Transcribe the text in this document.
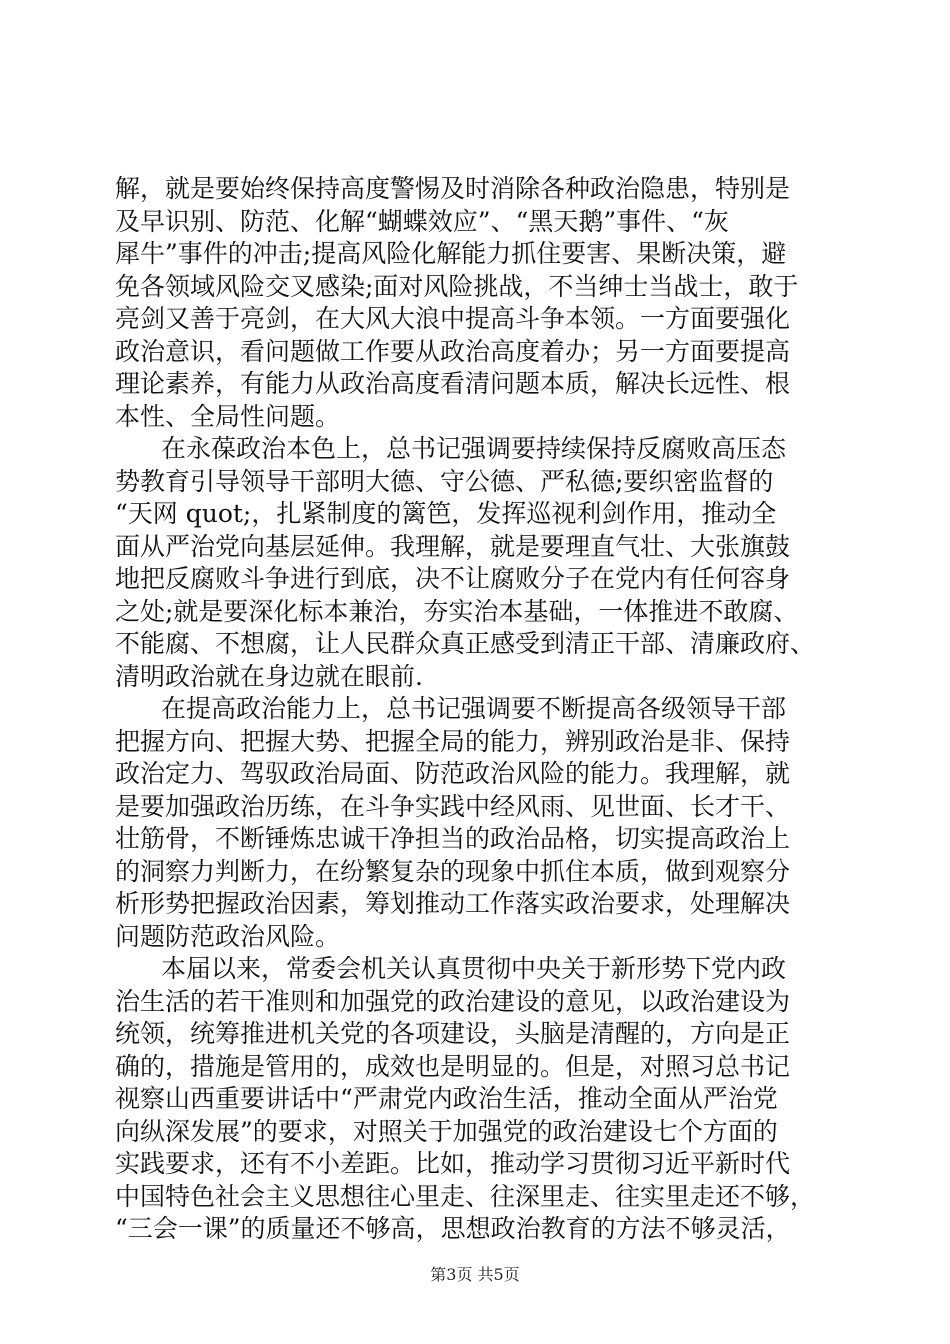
解，就是要始终保持高度警惕及时消除各种政治隐患，特别是
及早识别、防范、化解“蝴蝶效应”、“黑天鹅”事件、“灰
犀牛”事件的冲击;提高风险化解能力抓住要害、果断决策，避
免各领域风险交叉感染;面对风险挑战，不当绅士当战士，敢于
亮剑又善于亮剑，在大风大浪中提高斗争本领。一方面要强化
政治意识，看问题做工作要从政治高度着办；另一方面要提高
理论素养，有能力从政治高度看清问题本质，解决长远性、根
本性、全局性问题。
在永葆政治本色上，总书记强调要持续保持反腐败高压态
势教育引导领导干部明大德、守公德、严私德;要织密监督的
“天网 quot;，扎紧制度的篱笆，发挥巡视利剑作用，推动全
面从严治党向基层延伸。我理解，就是要理直气壮、大张旗鼓
地把反腐败斗争进行到底，决不让腐败分子在党内有任何容身
之处;就是要深化标本兼治，夯实治本基础，一体推进不敢腐、
不能腐、不想腐，让人民群众真正感受到清正干部、清廉政府、
清明政治就在身边就在眼前.
在提高政治能力上，总书记强调要不断提高各级领导干部
把握方向、把握大势、把握全局的能力，辨别政治是非、保持
政治定力、驾驭政治局面、防范政治风险的能力。我理解，就
是要加强政治历练，在斗争实践中经风雨、见世面、长才干、
壮筋骨，不断锤炼忠诚干净担当的政治品格，切实提高政治上
的洞察力判断力，在纷繁复杂的现象中抓住本质，做到观察分
析形势把握政治因素，筹划推动工作落实政治要求，处理解决
问题防范政治风险。
本届以来，常委会机关认真贯彻中央关于新形势下党内政
治生活的若干准则和加强党的政治建设的意见，以政治建设为
统领，统筹推进机关党的各项建设，头脑是清醒的，方向是正
确的，措施是管用的，成效也是明显的。但是，对照习总书记
视察山西重要讲话中“严肃党内政治生活，推动全面从严治党
向纵深发展”的要求，对照关于加强党的政治建设七个方面的
实践要求，还有不小差距。比如，推动学习贯彻习近平新时代
中国特色社会主义思想往心里走、往深里走、往实里走还不够，
“三会一课”的质量还不够高，思想政治教育的方法不够灵活，
第3页 共5页
